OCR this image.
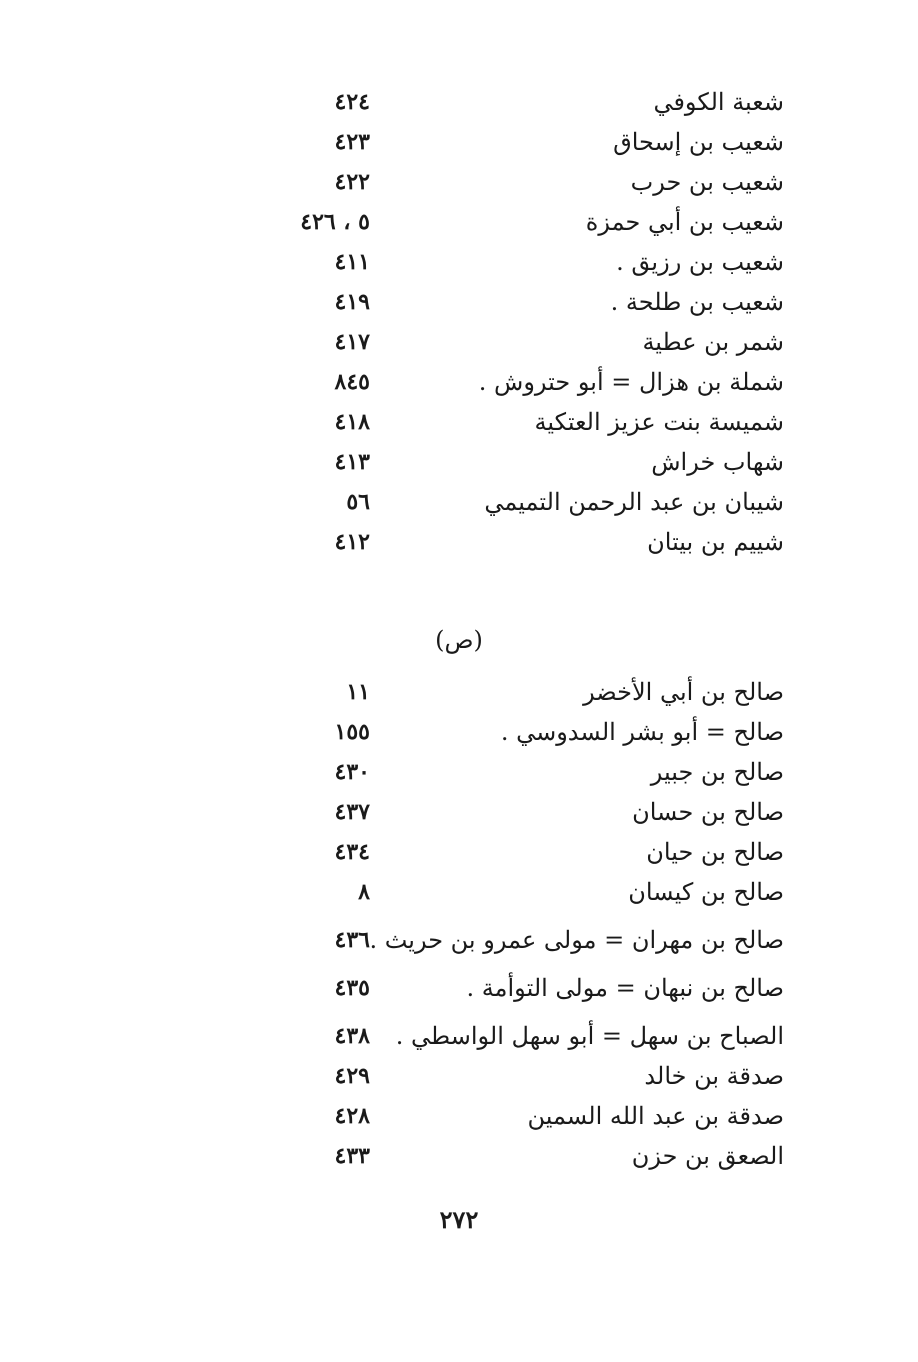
شعبة الكوفي
٤٢٤
شعيب بن إسحاق
٤٢٣
شعيب بن حرب
٤٢٢
شعيب بن أبي حمزة
٥ ، ٤٢٦
شعيب بن رزيق .
٤١١
شعيب بن طلحة .
٤١٩
شمر بن عطية
٤١٧
شملة بن هزال = أبو حتروش .
٨٤٥
شميسة بنت عزيز العتكية
٤١٨
شهاب خراش
٤١٣
شيبان بن عبد الرحمن التميمي
٥٦
شييم بن بيتان
٤١٢
(ص)
صالح بن أبي الأخضر
١١
صالح = أبو بشر السدوسي .
١٥٥
صالح بن جبير
٤٣٠
صالح بن حسان
٤٣٧
صالح بن حيان
٤٣٤
صالح بن كيسان
٨
صالح بن مهران = مولى عمرو بن حريث .
٤٣٦
صالح بن نبهان = مولى التوأمة .
٤٣٥
الصباح بن سهل = أبو سهل الواسطي .
٤٣٨
صدقة بن خالد
٤٢٩
صدقة بن عبد الله السمين
٤٢٨
الصعق بن حزن
٤٣٣
٢٧٢
